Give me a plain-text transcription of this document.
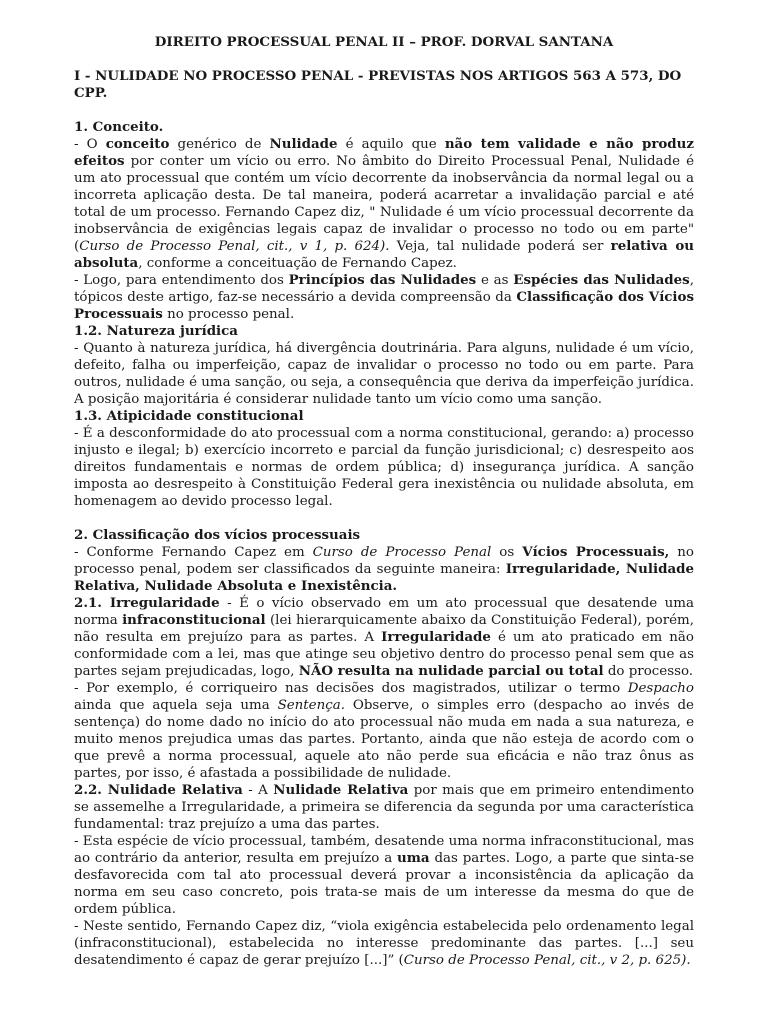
DIREITO PROCESSUAL PENAL II – PROF. DORVAL SANTANA
I - NULIDADE NO PROCESSO PENAL - PREVISTAS NOS ARTIGOS 563 A 573, DO CPP.
1. Conceito.

- O conceito genérico de Nulidade é aquilo que não tem validade e não produz efeitos por conter um vício ou erro. No âmbito do Direito Processual Penal, Nulidade é um ato processual que contém um vício decorrente da inobservância da normal legal ou a incorreta aplicação desta. De tal maneira, poderá acarretar a invalidação parcial e até total de um processo. Fernando Capez diz, " Nulidade é um vício processual decorrente da inobservância de exigências legais capaz de invalidar o processo no todo ou em parte" (Curso de Processo Penal, cit., v 1, p. 624). Veja, tal nulidade poderá ser relativa ou absoluta, conforme a conceituação de Fernando Capez.

- Logo, para entendimento dos Princípios das Nulidades e as Espécies das Nulidades, tópicos deste artigo, faz-se necessário a devida compreensão da Classificação dos Vícios Processuais no processo penal.

1.2. Natureza jurídica

- Quanto à natureza jurídica, há divergência doutrinária. Para alguns, nulidade é um vício, defeito, falha ou imperfeição, capaz de invalidar o processo no todo ou em parte. Para outros, nulidade é uma sanção, ou seja, a consequência que deriva da imperfeição jurídica. A posição majoritária é considerar nulidade tanto um vício como uma sanção.

1.3. Atipicidade constitucional

- É a desconformidade do ato processual com a norma constitucional, gerando: a) processo injusto e ilegal; b) exercício incorreto e parcial da função jurisdicional; c) desrespeito aos direitos fundamentais e normas de ordem pública; d) insegurança jurídica. A sanção imposta ao desrespeito à Constituição Federal gera inexistência ou nulidade absoluta, em homenagem ao devido processo legal.

2. Classificação dos vícios processuais

- Conforme Fernando Capez em Curso de Processo Penal os Vícios Processuais, no processo penal, podem ser classificados da seguinte maneira: Irregularidade, Nulidade Relativa, Nulidade Absoluta e Inexistência.

2.1. Irregularidade - É o vício observado em um ato processual que desatende uma norma infraconstitucional (lei hierarquicamente abaixo da Constituição Federal), porém, não resulta em prejuízo para as partes. A Irregularidade é um ato praticado em não conformidade com a lei, mas que atinge seu objetivo dentro do processo penal sem que as partes sejam prejudicadas, logo, NÃO resulta na nulidade parcial ou total do processo.

- Por exemplo, é corriqueiro nas decisões dos magistrados, utilizar o termo Despacho ainda que aquela seja uma Sentença. Observe, o simples erro (despacho ao invés de sentença) do nome dado no início do ato processual não muda em nada a sua natureza, e muito menos prejudica umas das partes. Portanto, ainda que não esteja de acordo com o que prevê a norma processual, aquele ato não perde sua eficácia e não traz ônus as partes, por isso, é afastada a possibilidade de nulidade.

2.2. Nulidade Relativa - A Nulidade Relativa por mais que em primeiro entendimento se assemelhe a Irregularidade, a primeira se diferencia da segunda por uma característica fundamental: traz prejuízo a uma das partes.

- Esta espécie de vício processual, também, desatende uma norma infraconstitucional, mas ao contrário da anterior, resulta em prejuízo a uma das partes. Logo, a parte que sinta-se desfavorecida com tal ato processual deverá provar a inconsistência da aplicação da norma em seu caso concreto, pois trata-se mais de um interesse da mesma do que de ordem pública.

- Neste sentido, Fernando Capez diz, “viola exigência estabelecida pelo ordenamento legal (infraconstitucional), estabelecida no interesse predominante das partes. [...] seu desatendimento é capaz de gerar prejuízo [...]” (Curso de Processo Penal, cit., v 2, p. 625).
